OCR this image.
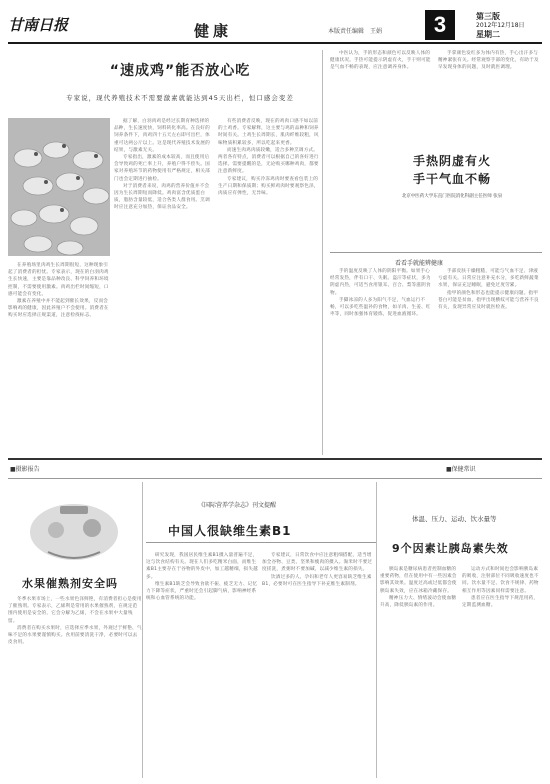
甘南日报	健康	本版责任编辑　王娟	3	第三版
2012年12月18日
星期二
“速成鸡”能否放心吃
专家说，现代养殖技术不需要激素就能达到45天出栏，恒口感会变差
在养殖场里肉鸡生长周期很短，这种现象引起了消费者的担忧。专家表示，现在的白羽肉鸡生长快速，主要是靠品种改良、科学饲养和环境控制，不需要使用激素。肉鸡出栏时间缩短，口感可能会有变化。
激素在养殖中并不能起到催长效果，反而会影响鸡的健康，因此养殖户不会使用。消费者在购买时应选择正规渠道，注意检疫标志。
据了解，白羽肉鸡是经过长期育种选择的品种，生长速度快，饲料转化率高。在良好的饲养条件下，肉鸡四十五天左右即可出栏，体重可达两公斤以上。这是现代养殖技术发展的结果，与激素无关。
专家指出，激素的成本较高，而且使用后会导致鸡的死亡率上升，养殖户得不偿失。国家对养殖环节的药物使用有严格规定，相关部门也会定期进行抽检。
对于消费者来说，肉鸡的营养价值并不会因为生长周期短而降低。鸡肉富含优质蛋白质，脂肪含量较低，适合各类人群食用。烹调时应注意充分加热，保证食品安全。
有些消费者反映，现在的鸡肉口感不如以前的土鸡香。专家解释，这主要与鸡的品种和饲养时间有关。土鸡生长周期长，肌肉纤维较粗，风味物质积累较多，所以吃起来更香。
而速生肉鸡肉质较嫩，适合多种烹调方式。两者各有特点，消费者可以根据自己的喜好进行选择。需要提醒的是，无论购买哪种鸡肉，都要注意新鲜度。
专家建议，购买冷冻鸡肉时要查看包装上的生产日期和保质期；购买鲜鸡肉时要观察色泽，肉质应有弹性，无异味。
中医认为，手的形态和颜色可以反映人体的健康状况。手热可能提示阴虚有火，手干则可能是气血不畅的表现，应注意调养身体。
手掌颜色发红多为体内有热，手心出汗多与精神紧张有关。经常观察手部的变化，有助于及早发现身体的问题，及时就医调理。
手热阴虚有火
手干气血不畅
北京中医药大学东直门医院消化科副主任医师 张泉
看看手就能辨健康
手的温度反映了人体的阴阳平衡。如果手心经常发热，伴有口干、失眠、盗汗等症状，多为阴虚内热，可适当食用银耳、百合、梨等滋阴食物。
手脚冰凉的人多为阳气不足，气血运行不畅，可以多吃些温补的食物，如羊肉、生姜、红枣等，同时加强体育锻炼，促进血液循环。
手部皮肤干燥粗糙，可能与气血不足、津液亏虚有关。日常应注意补充水分，多吃新鲜蔬菜水果，保证充足睡眠，避免过度劳累。
指甲的颜色和形态也能提示健康问题。指甲苍白可能是贫血，指甲出现横纹可能与营养不良有关，发现异常应及时就医检查。
■摄影报告	■保健常识
《国际营养学杂志》刊文提醒
中国人很缺维生素B1
水果催熟剂安全吗
体温、压力、运动、饮水量等
9个因素让胰岛素失效
冬季水果市场上，一些水果色泽鲜艳，有消费者担心是使用了催熟剂。专家表示，乙烯利是常用的水果催熟剂，在规定范围内使用是安全的，它会分解为乙烯，不会在水果中大量残留。
消费者在购买水果时，应选择应季水果，外观过于鲜艳、气味不足的水果要谨慎购买。食用前要清洗干净，必要时可以去皮食用。
研究发现，我国居民维生素B1摄入量普遍不足，这与饮食结构有关。现在人们多吃精米白面，而维生素B1主要存在于谷物的外皮中，加工越精细，损失越多。
维生素B1缺乏会导致食欲不振、疲乏无力、记忆力下降等症状，严重时还会引起脚气病，影响神经系统和心血管系统的功能。
专家建议，日常饮食中应注意粗细搭配，适当增加全谷物、豆类、坚果和瘦肉的摄入。淘米时不要过度搓洗，煮粥时不要加碱，以减少维生素的损失。
饮酒过多的人、孕妇和老年人更容易缺乏维生素B1，必要时可在医生指导下补充维生素制剂。
胰岛素是糖尿病患者控制血糖的重要药物，但在使用中有一些因素会影响其效果。温度过高或过低都会使胰岛素失效，应在冰箱冷藏保存。
精神压力大、情绪波动会使血糖升高，降低胰岛素的作用。
运动方式和时间也会影响胰岛素的吸收，注射部位不同吸收速度也不同。饮水量不足、饮食不规律、药物相互作用等因素同样需要注意。
患者应在医生指导下规范用药，定期监测血糖。
